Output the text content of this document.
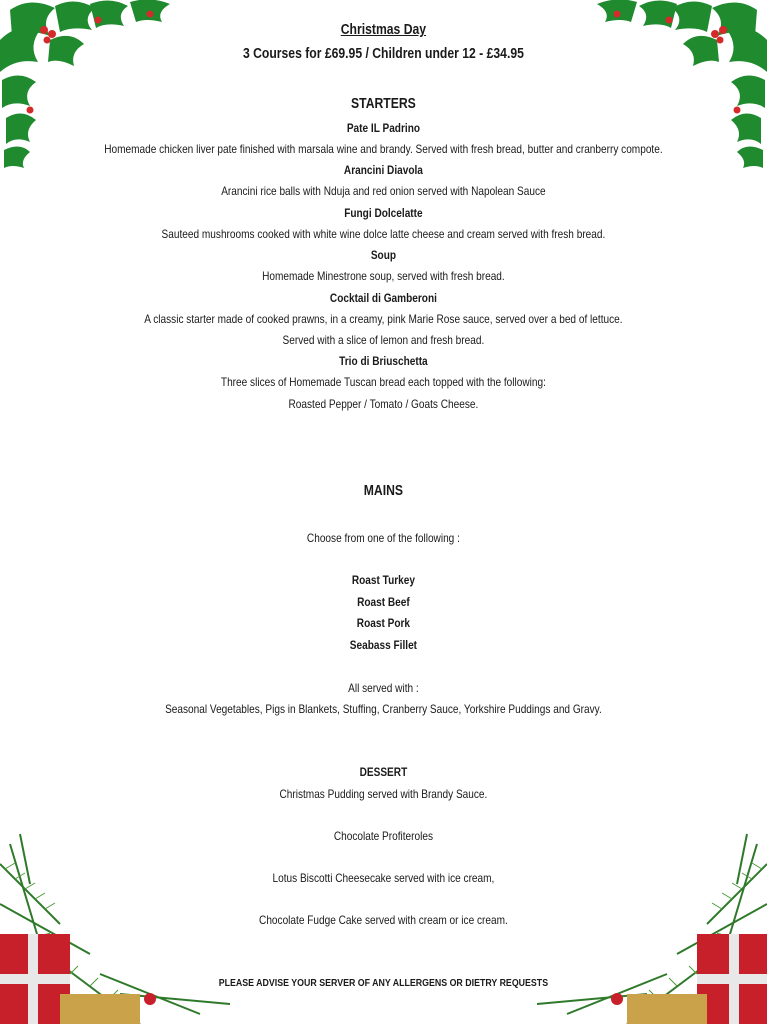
Christmas Day
3 Courses for £69.95 / Children under 12 - £34.95
STARTERS
Pate IL Padrino
Homemade chicken liver pate finished with marsala wine and brandy. Served with fresh bread, butter and cranberry compote.
Arancini Diavola
Arancini rice balls with Nduja and red onion served with Napolean Sauce
Fungi Dolcelatte
Sauteed mushrooms cooked with white wine dolce latte cheese and cream served with fresh bread.
Soup
Homemade Minestrone soup, served with fresh bread.
Cocktail di Gamberoni
A classic starter made of cooked prawns, in a creamy, pink Marie Rose sauce, served over a bed of lettuce.
Served with a slice of lemon and fresh bread.
Trio di Briuschetta
Three slices of Homemade Tuscan bread each topped with the following:
Roasted Pepper / Tomato / Goats Cheese.
MAINS
Choose from one of the following :
Roast Turkey
Roast Beef
Roast Pork
Seabass Fillet
All served with :
Seasonal Vegetables, Pigs in Blankets, Stuffing, Cranberry Sauce, Yorkshire Puddings and Gravy.
DESSERT
Christmas Pudding served with Brandy Sauce.
Chocolate Profiteroles
Lotus Biscotti Cheesecake served with ice cream,
Chocolate Fudge Cake served with cream or ice cream.
PLEASE ADVISE YOUR SERVER OF ANY ALLERGENS OR DIETRY REQUESTS
